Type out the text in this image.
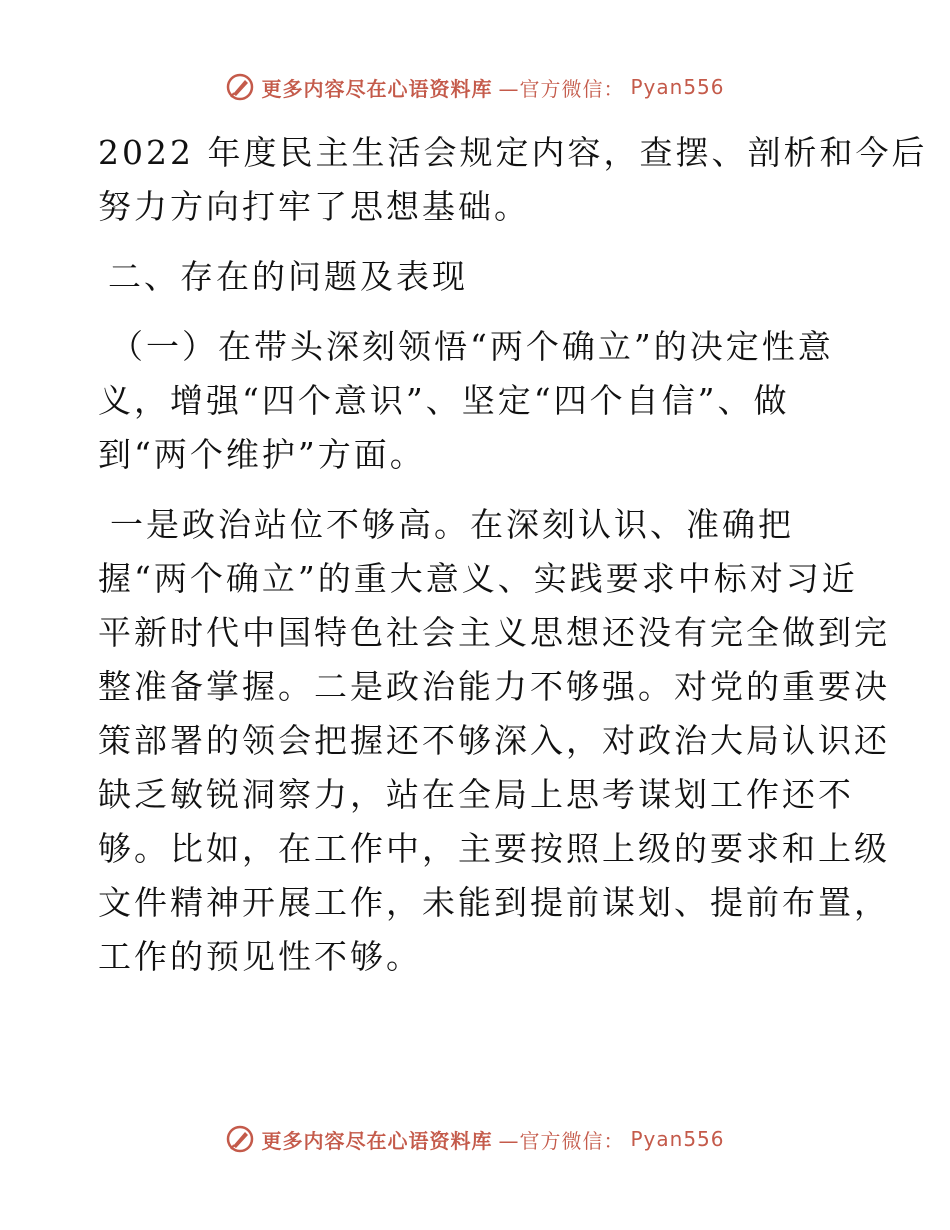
更多内容尽在心语资料库 —官方微信： Pyan556
2022 年度民主生活会规定内容，查摆、剖析和今后
努力方向打牢了思想基础。
二、存在的问题及表现
（一）在带头深刻领悟“两个确立”的决定性意
义，增强“四个意识”、坚定“四个自信”、做
到“两个维护”方面。
一是政治站位不够高。在深刻认识、准确把
握“两个确立”的重大意义、实践要求中标对习近
平新时代中国特色社会主义思想还没有完全做到完
整准备掌握。二是政治能力不够强。对党的重要决
策部署的领会把握还不够深入，对政治大局认识还
缺乏敏锐洞察力，站在全局上思考谋划工作还不
够。比如，在工作中，主要按照上级的要求和上级
文件精神开展工作，未能到提前谋划、提前布置，
工作的预见性不够。
更多内容尽在心语资料库 —官方微信： Pyan556
